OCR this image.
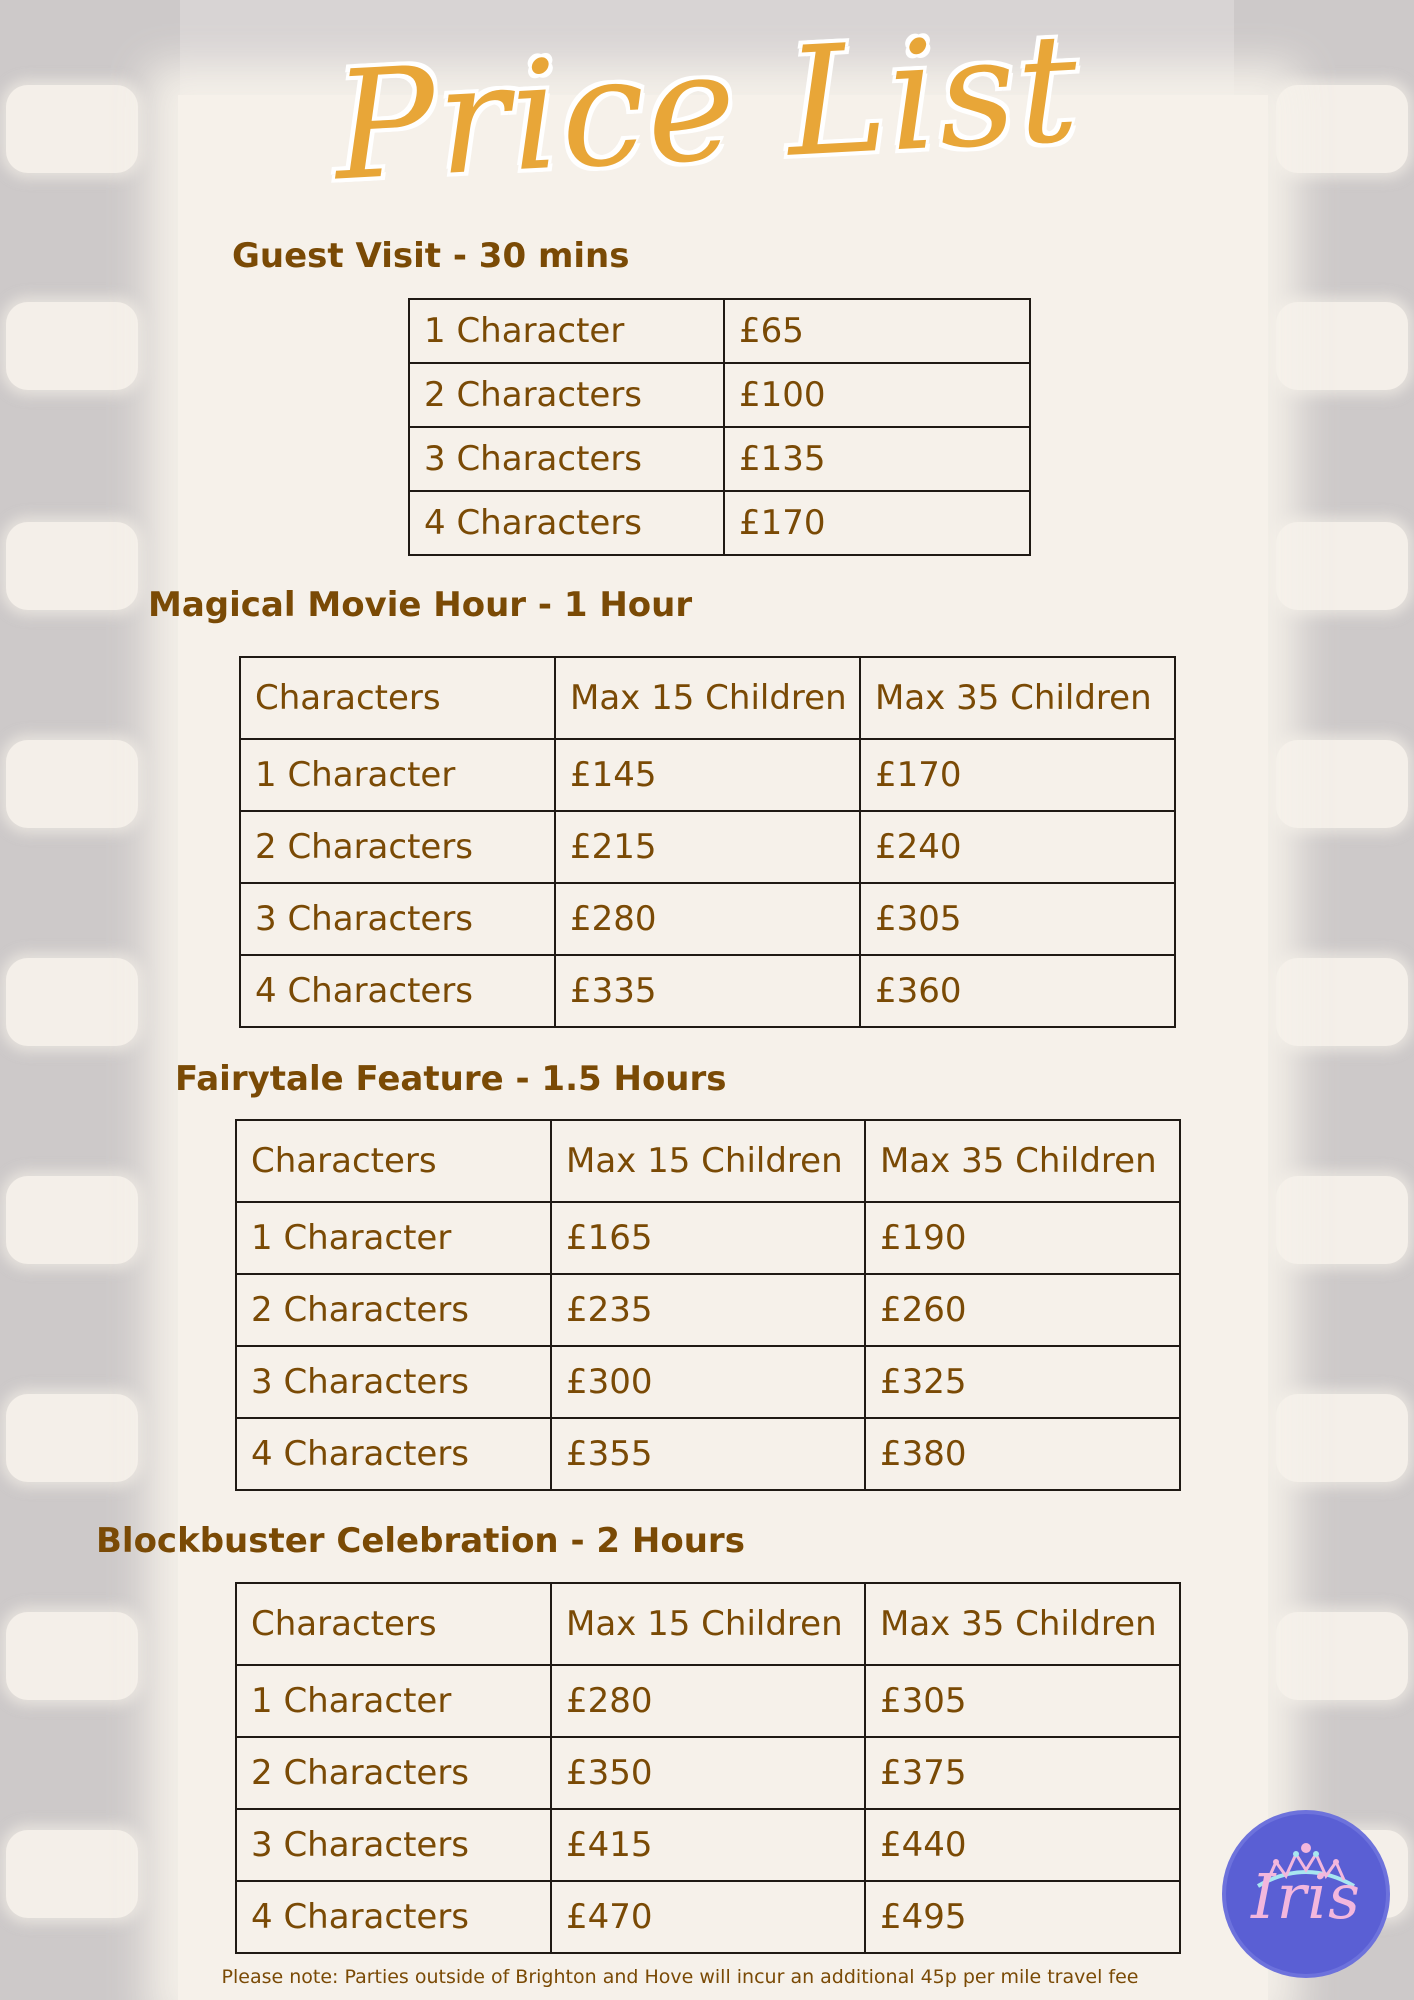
Price List
Guest Visit - 30 mins
1 Character	£65
2 Characters	£100
3 Characters	£135
4 Characters	£170
Magical Movie Hour - 1 Hour
Characters	Max 15 Children	Max 35 Children
1 Character	£145	£170
2 Characters	£215	£240
3 Characters	£280	£305
4 Characters	£335	£360
Fairytale Feature - 1.5 Hours
Characters	Max 15 Children	Max 35 Children
1 Character	£165	£190
2 Characters	£235	£260
3 Characters	£300	£325
4 Characters	£355	£380
Blockbuster Celebration - 2 Hours
Characters	Max 15 Children	Max 35 Children
1 Character	£280	£305
2 Characters	£350	£375
3 Characters	£415	£440
4 Characters	£470	£495

Please note: Parties outside of Brighton and Hove will incur an additional 45p per mile travel fee

Iris
